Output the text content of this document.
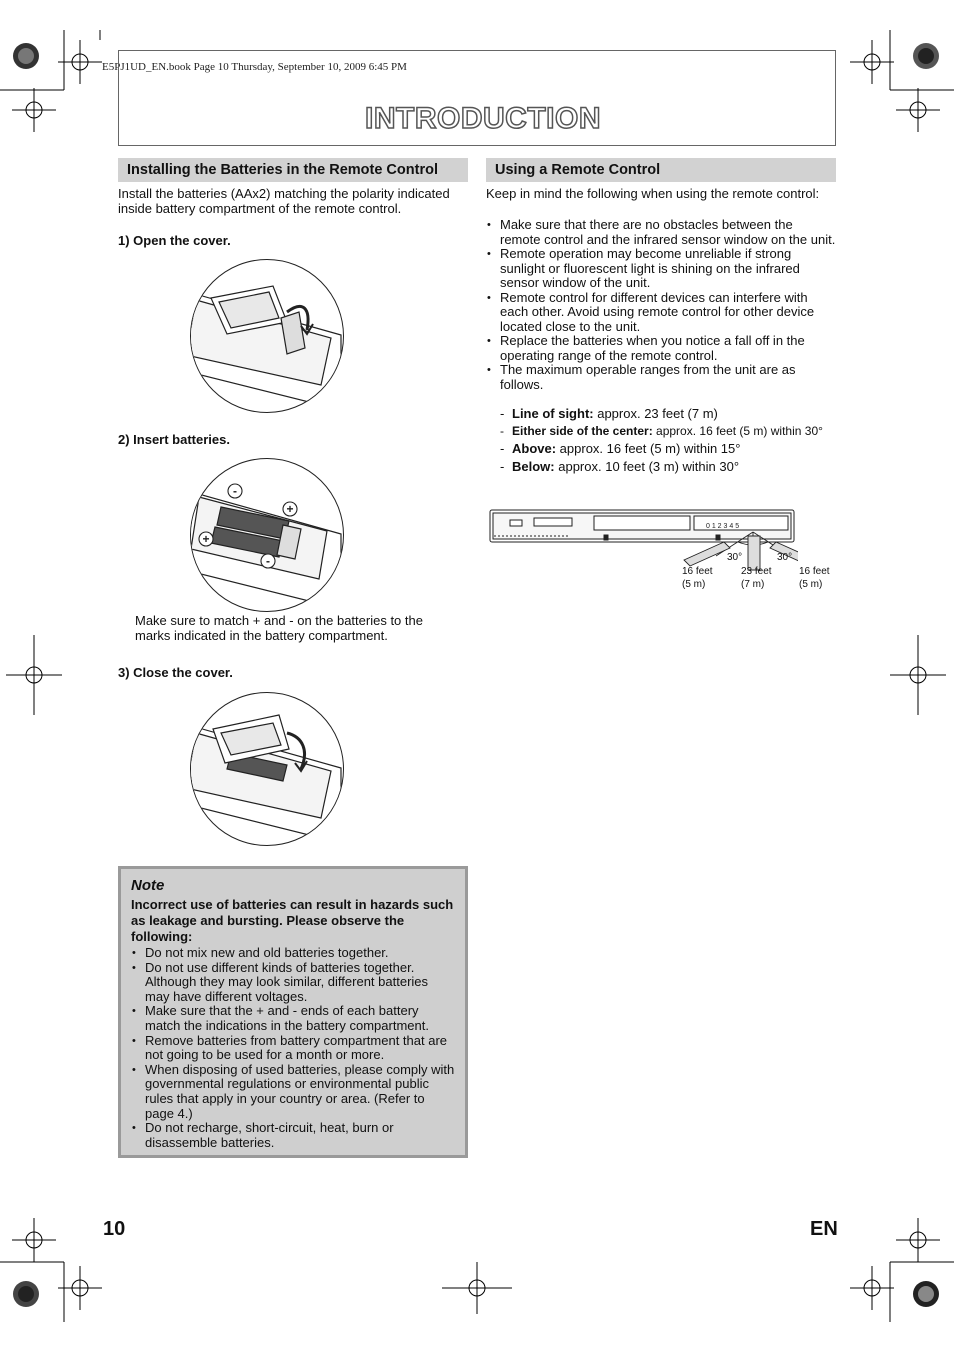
E5PJ1UD_EN.book Page 10 Thursday, September 10, 2009 6:45 PM
INTRODUCTION
Installing the Batteries in the Remote Control
Install the batteries (AAx2) matching the polarity indicated inside battery compartment of the remote control.
1) Open the cover.
2) Insert batteries.
-
+
+
-
Make sure to match + and - on the batteries to the marks indicated in the battery compartment.
3) Close the cover.
Note
Incorrect use of batteries can result in hazards such as leakage and bursting. Please observe the following:
• Do not mix new and old batteries together.
• Do not use different kinds of batteries together. Although they may look similar, different batteries may have different voltages.
• Make sure that the + and - ends of each battery match the indications in the battery compartment.
• Remove batteries from battery compartment that are not going to be used for a month or more.
• When disposing of used batteries, please comply with governmental regulations or environmental public rules that apply in your country or area. (Refer to page 4.)
• Do not recharge, short-circuit, heat, burn or disassemble batteries.
Using a Remote Control
Keep in mind the following when using the remote control:
• Make sure that there are no obstacles between the remote control and the infrared sensor window on the unit.
• Remote operation may become unreliable if strong sunlight or fluorescent light is shining on the infrared sensor window of the unit.
• Remote control for different devices can interfere with each other. Avoid using remote control for other device located close to the unit.
• Replace the batteries when you notice a fall off in the operating range of the remote control.
• The maximum operable ranges from the unit are as follows.
- Line of sight: approx. 23 feet (7 m)
- Either side of the center: approx. 16 feet (5 m) within 30°
- Above: approx. 16 feet (5 m) within 15°
- Below: approx. 10 feet (3 m) within 30°
0 1 2 3 4 5
30°	30°
16 feet
(5 m)
23 feet
(7 m)
16 feet
(5 m)
10	EN
